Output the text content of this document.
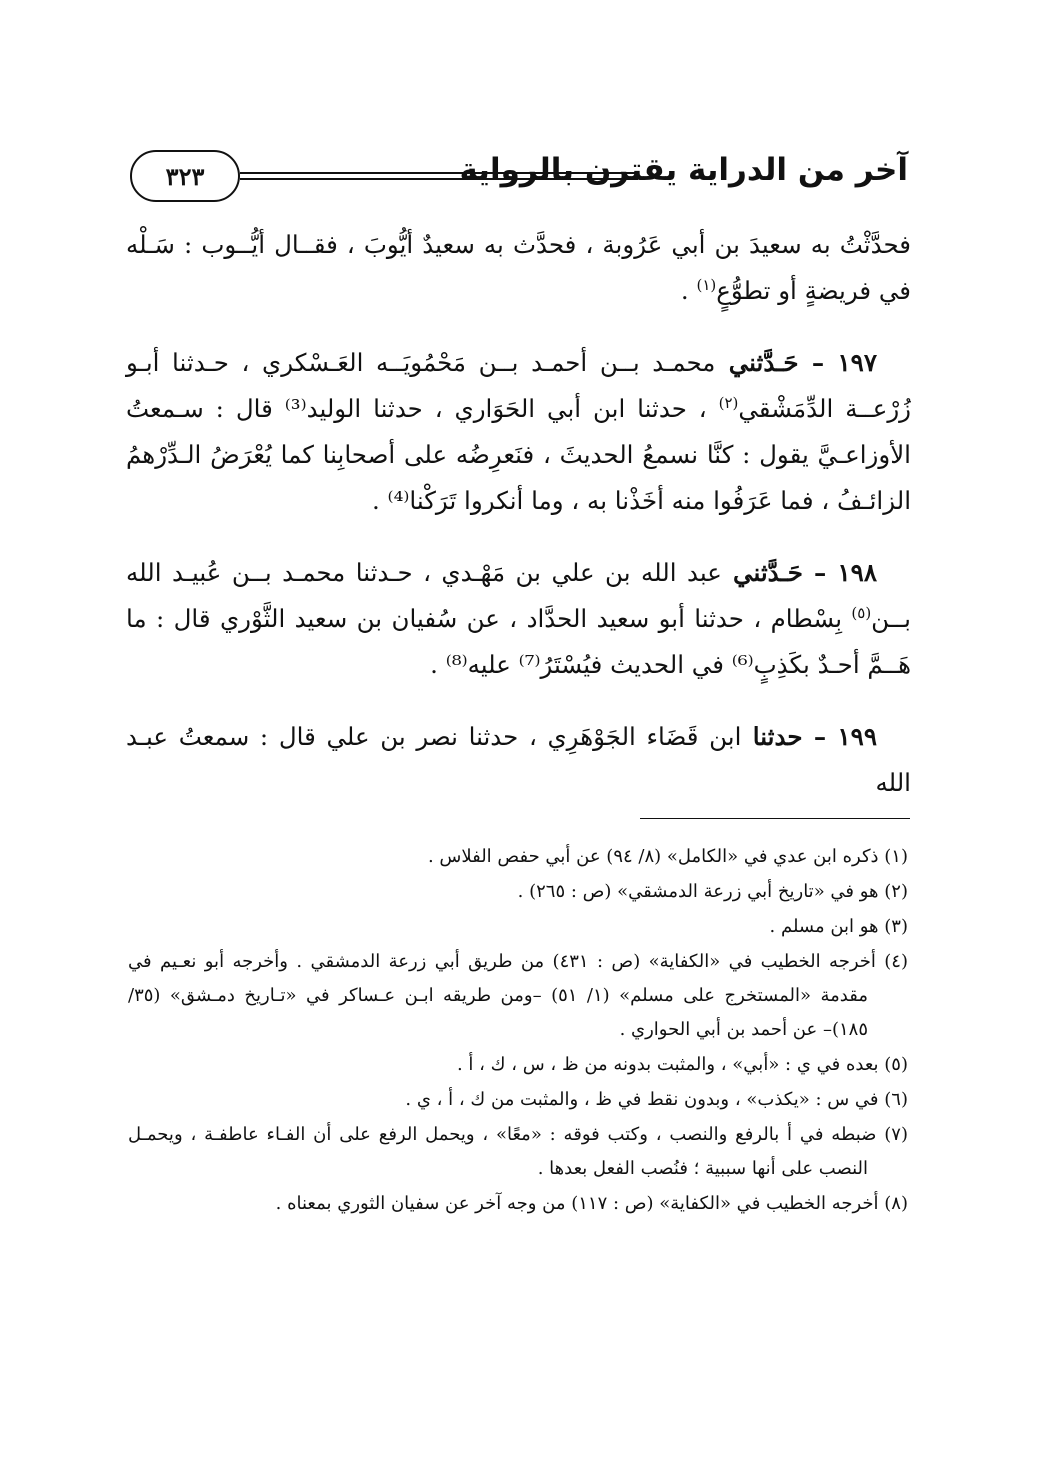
آخر من الدراية يقترن بالرواية
٣٢٣

فحدَّثْتُ به سعيدَ بن أبي عَرُوبة ، فحدَّث به سعيدٌ أيُّوبَ ، فقــال أيُّــوب : سَـلْه في فريضةٍ أو تطوُّعٍ$^{(١)}$ .

١٩٧ – حَـدَّثني محمـد بــن أحمـد بــن مَحْمُويَــه العَـسْكري ، حـدثنا أبـو زُرْعــة الدِّمَشْقي$^{(٢)}$ ، حدثنا ابن أبي الحَوَاري ، حدثنا الوليد⁽³⁾ قال : سـمعتُ الأوزاعـيَّ يقول : كنَّا نسمعُ الحديثَ ، فنَعرِضُه على أصحابِنا كما يُعْرَضُ الـدِّرْهمُ الزائـفُ ، فما عَرَفُوا منه أخَذْنا به ، وما أنكروا تَرَكْنا⁽⁴⁾ .

١٩٨ – حَـدَّثني عبد الله بن علي بن مَهْـدي ، حـدثنا محمـد بــن عُبيـد الله بــن$^{(٥)}$ بِسْطام ، حدثنا أبو سعيد الحدَّاد ، عن سُفيان بن سعيد الثَّوْري قال : ما هَــمَّ أحـدٌ بكَذِبٍ⁽⁶⁾ في الحديث فيُسْتَرُ⁽⁷⁾ عليه⁽⁸⁾ .

١٩٩ – حدثنا ابن قَضَاء الجَوْهَرِي ، حدثنا نصر بن علي قال : سمعتُ عبـد الله

(١) ذكره ابن عدي في «الكامل» (٨/ ٩٤) عن أبي حفص الفلاس .
(٢) هو في «تاريخ أبي زرعة الدمشقي» (ص : ٢٦٥) .
(٣) هو ابن مسلم .
(٤) أخرجه الخطيب في «الكفاية» (ص : ٤٣١) من طريق أبي زرعة الدمشقي . وأخرجه أبو نعـيم في مقدمة «المستخرج على مسلم» (١/ ٥١) –ومن طريقه ابـن عـساكر في «تـاريخ دمـشق» (٣٥/ ١٨٥)– عن أحمد بن أبي الحواري .
(٥) بعده في ي : «أبي» ، والمثبت بدونه من ظ ، س ، ك ، أ .
(٦) في س : «يكذب» ، وبدون نقط في ظ ، والمثبت من ك ، أ ، ي .
(٧) ضبطه في أ بالرفع والنصب ، وكتب فوقه : «معًا» ، ويحمل الرفع على أن الفـاء عاطفـة ، ويحمـل النصب على أنها سببية ؛ فنُصب الفعل بعدها .
(٨) أخرجه الخطيب في «الكفاية» (ص : ١١٧) من وجه آخر عن سفيان الثوري بمعناه .
